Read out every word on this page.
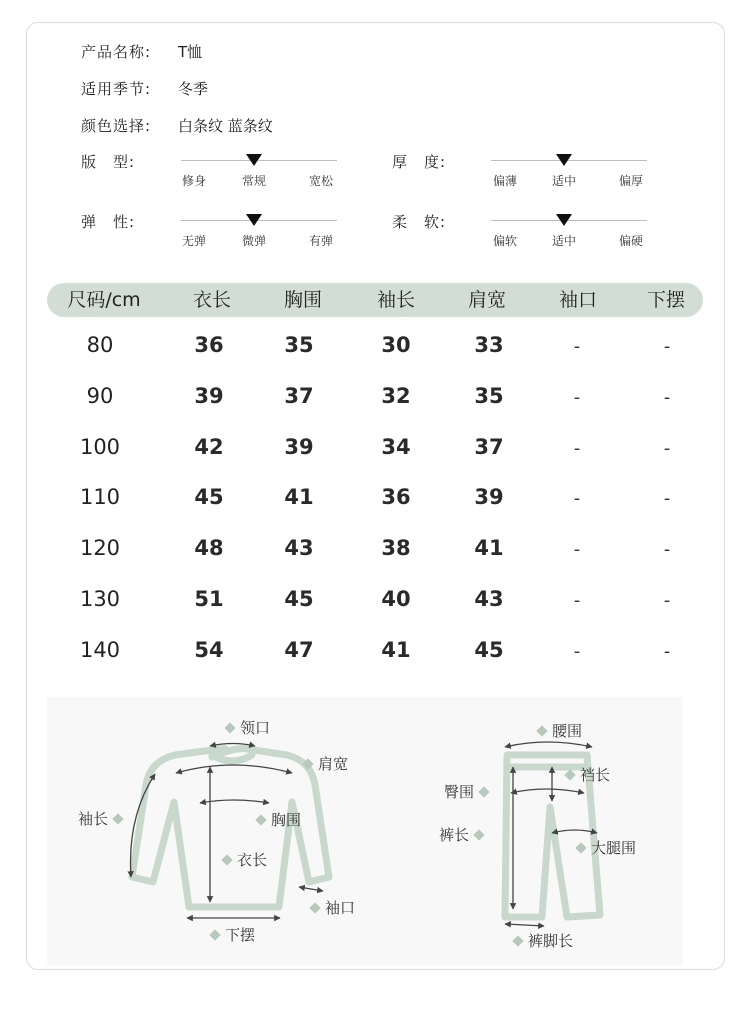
产品名称: T恤
适用季节: 冬季
颜色选择: 白条纹 蓝条纹
版　型:
修身	常规	宽松
厚　度:
偏薄	适中	偏厚
弹　性:
无弹	微弹	有弹
柔　软:
偏软	适中	偏硬
尺码/cm	衣长	胸围	袖长	肩宽	袖口	下摆
80	36	35	30	33	-	-
90	39	37	32	35	-	-
100	42	39	34	37	-	-
110	45	41	36	39	-	-
120	48	43	38	41	-	-
130	51	45	40	43	-	-
140	54	47	41	45	-	-
领口
肩宽
袖长	胸围
衣长
袖口
下摆
腰围
裆长
臀围
裤长
大腿围
裤脚长
